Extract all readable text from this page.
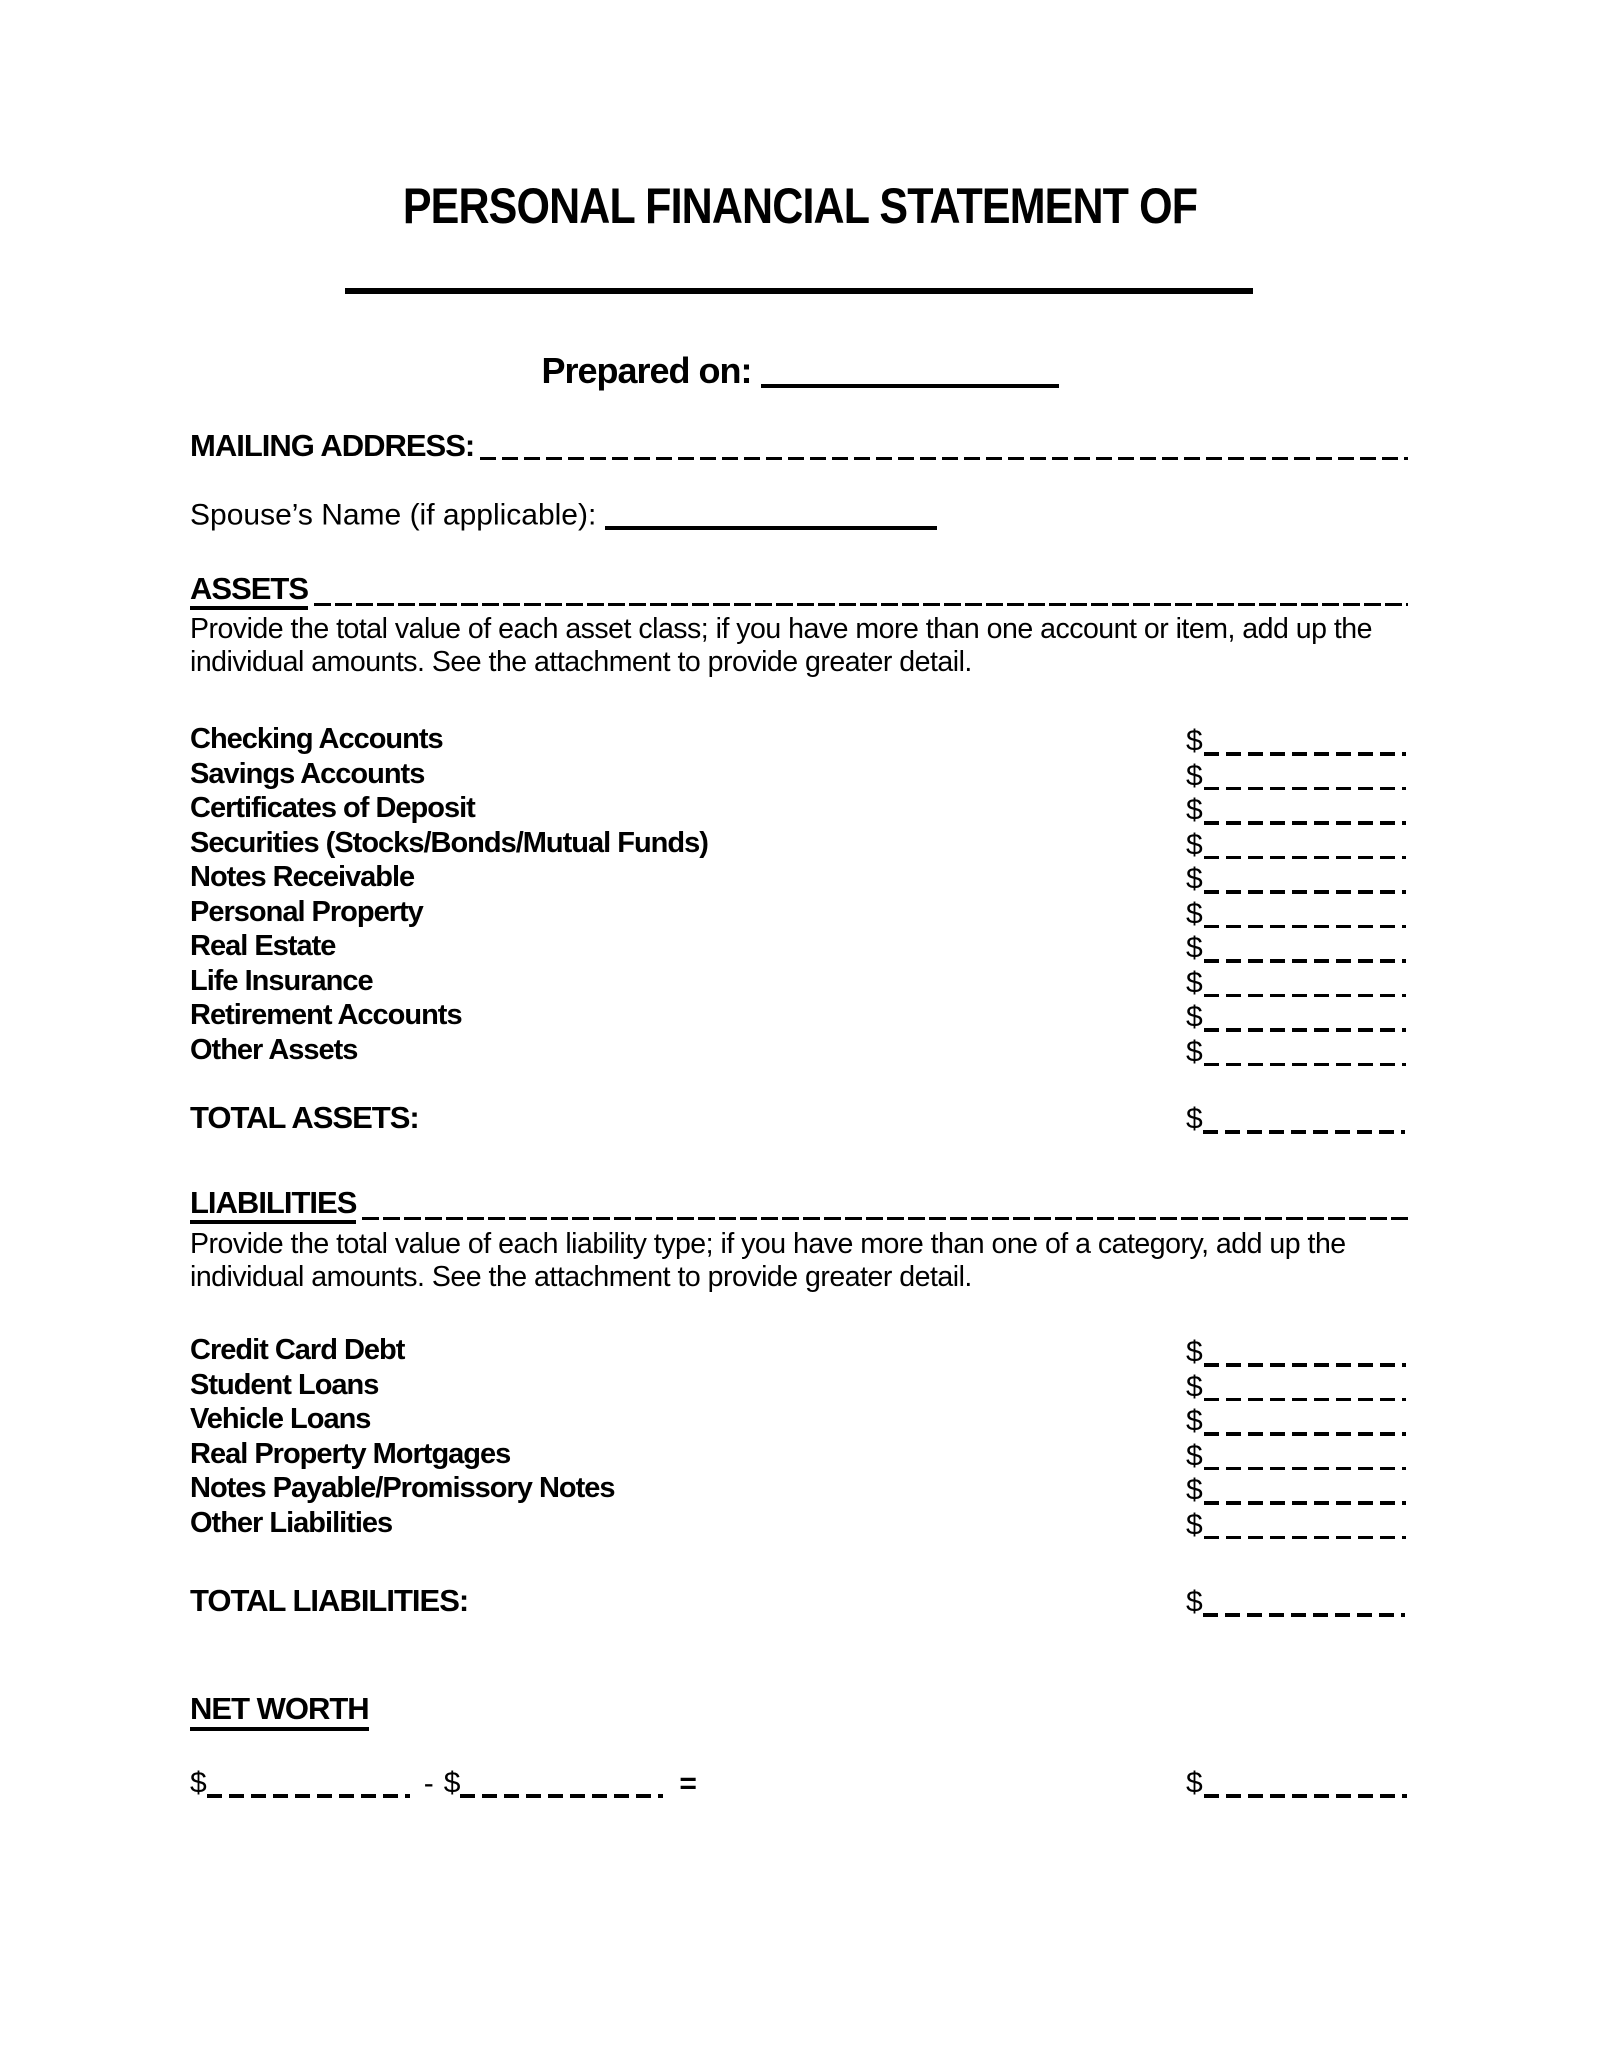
PERSONAL FINANCIAL STATEMENT OF
Prepared on:
MAILING ADDRESS:
Spouse’s Name (if applicable):
ASSETS
Provide the total value of each asset class; if you have more than one account or item, add up the individual amounts. See the attachment to provide greater detail.
Checking Accounts	$
Savings Accounts	$
Certificates of Deposit	$
Securities (Stocks/Bonds/Mutual Funds)	$
Notes Receivable	$
Personal Property	$
Real Estate	$
Life Insurance	$
Retirement Accounts	$
Other Assets	$
TOTAL ASSETS:	$
LIABILITIES
Provide the total value of each liability type; if you have more than one of a category, add up the individual amounts. See the attachment to provide greater detail.
Credit Card Debt	$
Student Loans	$
Vehicle Loans	$
Real Property Mortgages	$
Notes Payable/Promissory Notes	$
Other Liabilities	$
TOTAL LIABILITIES:	$
NET WORTH
$	- $	=	$
